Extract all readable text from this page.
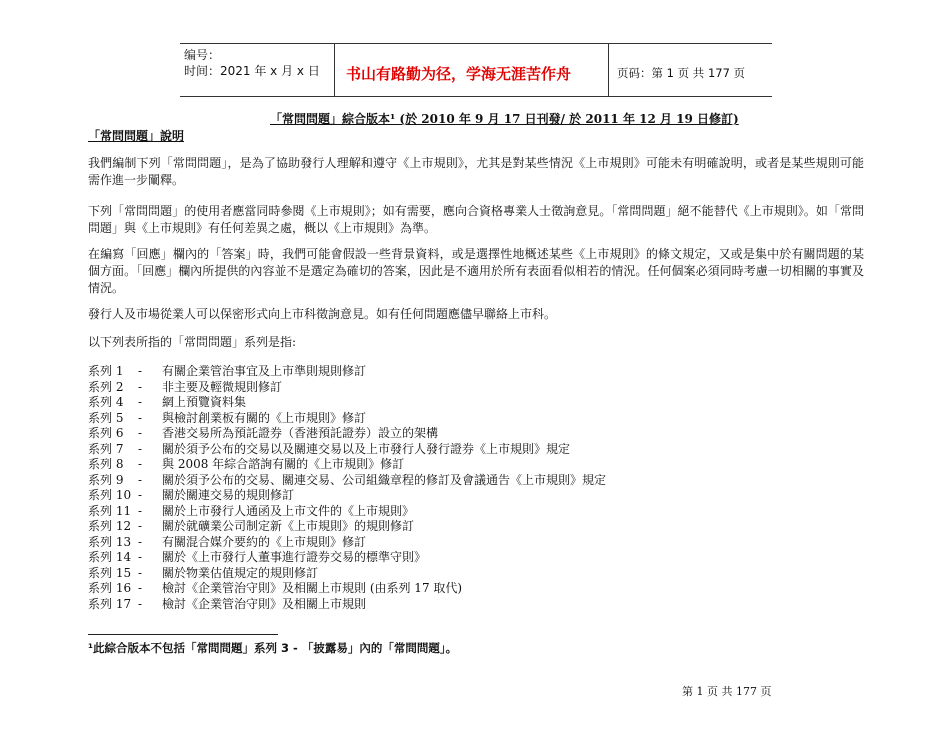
编号：
时间：2021 年 x 月 x 日 书山有路勤为径，学海无涯苦作舟	页码：第 1 页 共 177 页
「常問問題」綜合版本¹ (於 2010 年 9 月 17 日刊發/ 於 2011 年 12 月 19 日修訂)
「常問問題」說明
我們編制下列「常問問題」，是為了協助發行人理解和遵守《上市規則》，尤其是對某些情況《上市規則》可能未有明確說明，或者是某些規則可能需作進一步闡釋。
下列「常問問題」的使用者應當同時參閱《上市規則》；如有需要，應向合資格專業人士徵詢意見。「常問問題」絕不能替代《上市規則》。如「常問問題」與《上市規則》有任何差異之處，概以《上市規則》為準。
在編寫「回應」欄內的「答案」時，我們可能會假設一些背景資料，或是選擇性地概述某些《上市規則》的條文規定，又或是集中於有關問題的某個方面。「回應」欄內所提供的內容並不是選定為確切的答案，因此是不適用於所有表面看似相若的情況。任何個案必須同時考慮一切相關的事實及情況。
發行人及市場從業人可以保密形式向上市科徵詢意見。如有任何問題應儘早聯絡上市科。
以下列表所指的「常問問題」系列是指:
系列 1 - 有關企業管治事宜及上市準則規則修訂
系列 2 - 非主要及輕微規則修訂
系列 4 - 網上預覽資料集
系列 5 - 與檢討創業板有關的《上市規則》修訂
系列 6 - 香港交易所為預託證券（香港預託證券）設立的架構
系列 7 - 關於須予公布的交易以及關連交易以及上市發行人發行證券《上市規則》規定
系列 8 - 與 2008 年綜合諮詢有關的《上市規則》修訂
系列 9 - 關於須予公布的交易、關連交易、公司組織章程的修訂及會議通告《上市規則》規定
系列 10 - 關於關連交易的規則修訂
系列 11 - 關於上市發行人通函及上市文件的《上市規則》
系列 12 - 關於就礦業公司制定新《上市規則》的規則修訂
系列 13 - 有關混合媒介要約的《上市規則》修訂
系列 14 - 關於《上市發行人董事進行證券交易的標準守則》
系列 15 - 關於物業估值規定的規則修訂
系列 16 - 檢討《企業管治守則》及相關上市規則 (由系列 17 取代)
系列 17 - 檢討《企業管治守則》及相關上市規則
¹此綜合版本不包括「常問問題」系列 3 - 「披露易」內的「常問問題」。
第 1 页 共 177 页
